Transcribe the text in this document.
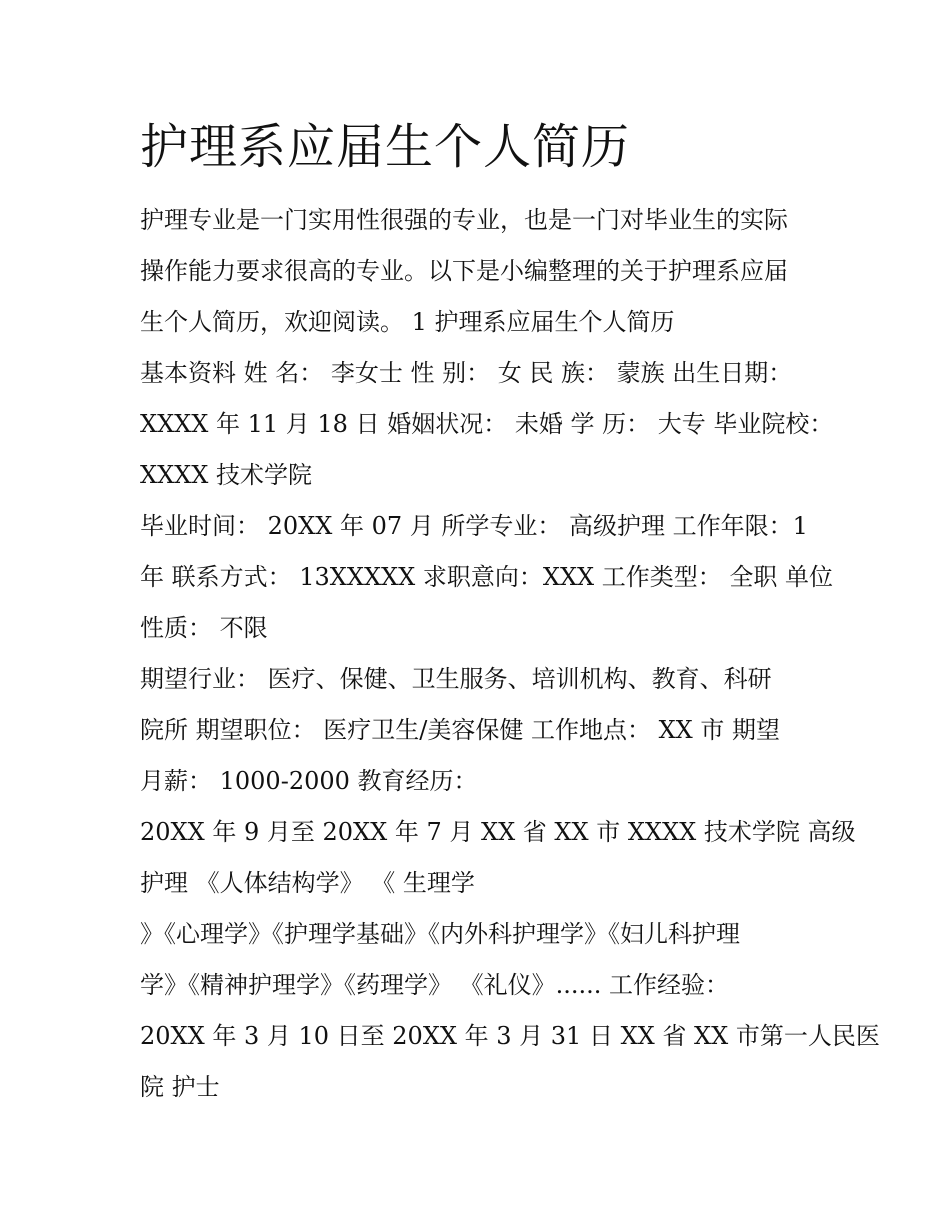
护理系应届生个人简历
护理专业是一门实用性很强的专业，也是一门对毕业生的实际
操作能力要求很高的专业。以下是小编整理的关于护理系应届
生个人简历，欢迎阅读。 1 护理系应届生个人简历
基本资料 姓 名： 李女士 性 别： 女 民 族： 蒙族 出生日期：
XXXX 年 11 月 18 日 婚姻状况： 未婚 学 历： 大专 毕业院校：
XXXX 技术学院
毕业时间： 20XX 年 07 月 所学专业： 高级护理 工作年限：1
年 联系方式： 13XXXXX 求职意向：XXX 工作类型： 全职 单位
性质： 不限
期望行业： 医疗、保健、卫生服务、培训机构、教育、科研
院所 期望职位： 医疗卫生/美容保健 工作地点： XX 市 期望
月薪： 1000-2000 教育经历：
20XX 年 9 月至 20XX 年 7 月 XX 省 XX 市 XXXX 技术学院 高级
护理 《人体结构学》 《 生理学
》《心理学》《护理学基础》《内外科护理学》《妇儿科护理
学》《精神护理学》《药理学》 《礼仪》...... 工作经验：
20XX 年 3 月 10 日至 20XX 年 3 月 31 日 XX 省 XX 市第一人民医
院 护士
